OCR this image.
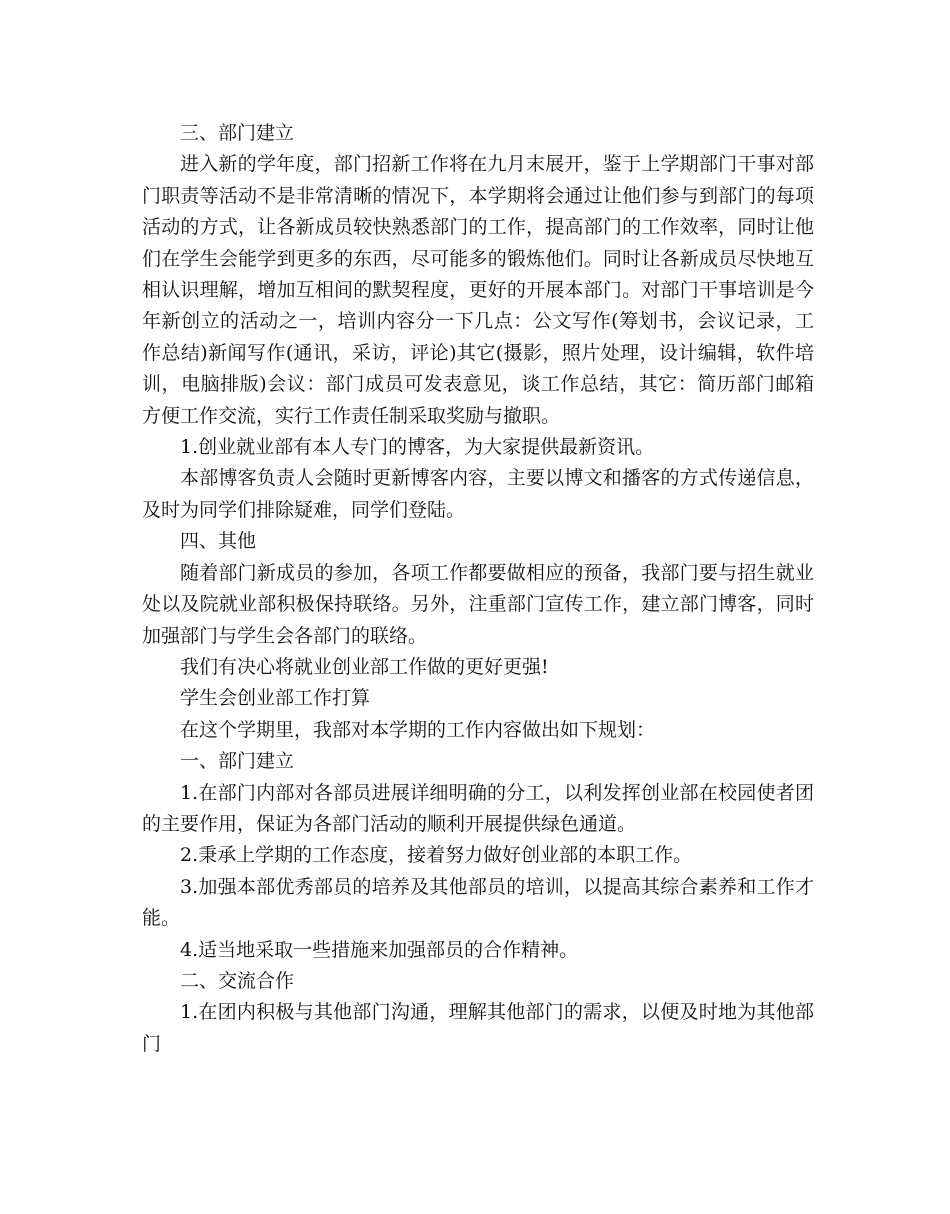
三、部门建立

进入新的学年度，部门招新工作将在九月末展开，鉴于上学期部门干事对部门职责等活动不是非常清晰的情况下，本学期将会通过让他们参与到部门的每项活动的方式，让各新成员较快熟悉部门的工作，提高部门的工作效率，同时让他们在学生会能学到更多的东西，尽可能多的锻炼他们。同时让各新成员尽快地互相认识理解，增加互相间的默契程度，更好的开展本部门。对部门干事培训是今年新创立的活动之一，培训内容分一下几点：公文写作(筹划书，会议记录，工作总结)新闻写作(通讯，采访，评论)其它(摄影，照片处理，设计编辑，软件培训，电脑排版)会议：部门成员可发表意见，谈工作总结，其它：简历部门邮箱方便工作交流，实行工作责任制采取奖励与撤职。

1.创业就业部有本人专门的博客，为大家提供最新资讯。

本部博客负责人会随时更新博客内容，主要以博文和播客的方式传递信息，及时为同学们排除疑难，同学们登陆。

四、其他

随着部门新成员的参加，各项工作都要做相应的预备，我部门要与招生就业处以及院就业部积极保持联络。另外，注重部门宣传工作，建立部门博客，同时加强部门与学生会各部门的联络。

我们有决心将就业创业部工作做的更好更强!

学生会创业部工作打算

在这个学期里，我部对本学期的工作内容做出如下规划：

一、部门建立

1.在部门内部对各部员进展详细明确的分工，以利发挥创业部在校园使者团的主要作用，保证为各部门活动的顺利开展提供绿色通道。

2.秉承上学期的工作态度，接着努力做好创业部的本职工作。

3.加强本部优秀部员的培养及其他部员的培训，以提高其综合素养和工作才能。

4.适当地采取一些措施来加强部员的合作精神。

二、交流合作

1.在团内积极与其他部门沟通，理解其他部门的需求，以便及时地为其他部门
